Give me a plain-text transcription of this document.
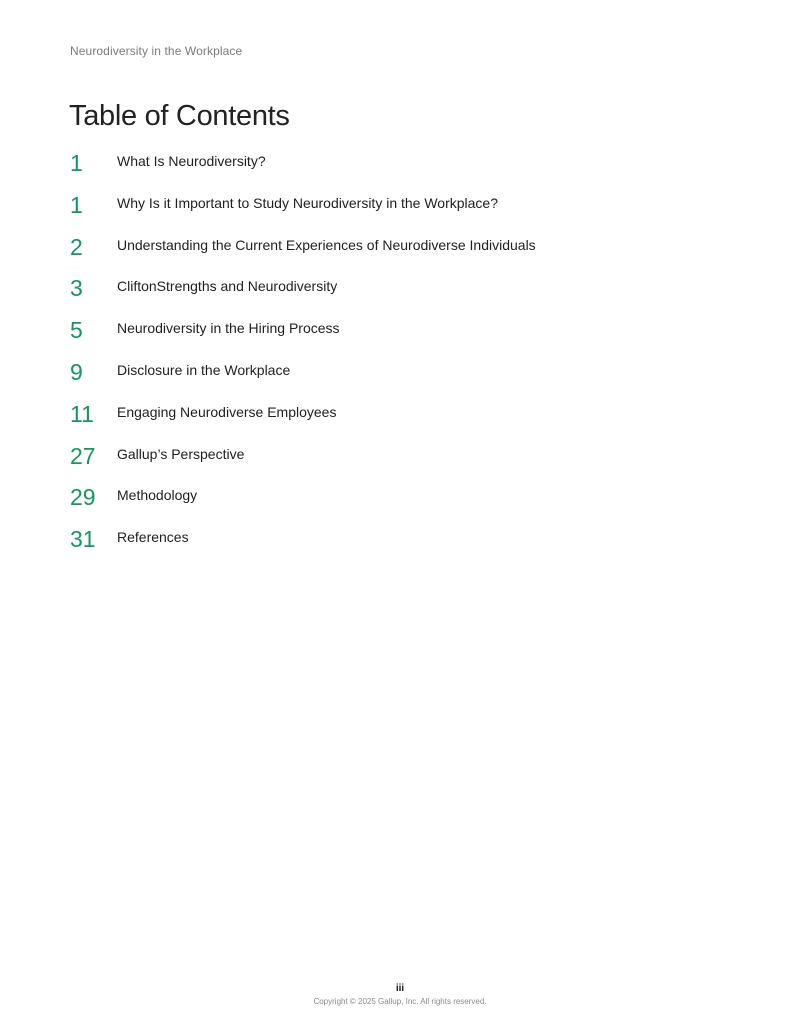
Neurodiversity in the Workplace
Table of Contents
1	What Is Neurodiversity?
1	Why Is it Important to Study Neurodiversity in the Workplace?
2	Understanding the Current Experiences of Neurodiverse Individuals
3	CliftonStrengths and Neurodiversity
5	Neurodiversity in the Hiring Process
9	Disclosure in the Workplace
11	Engaging Neurodiverse Employees
27	Gallup’s Perspective
29	Methodology
31	References
iii
Copyright © 2025 Gallup, Inc. All rights reserved.
